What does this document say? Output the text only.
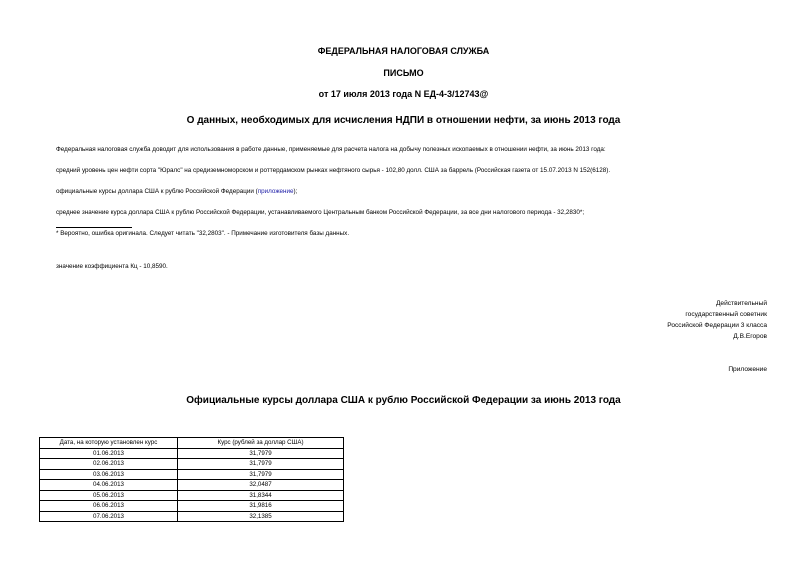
ФЕДЕРАЛЬНАЯ НАЛОГОВАЯ СЛУЖБА
ПИСЬМО
от 17 июля 2013 года N ЕД-4-3/12743@
О данных, необходимых для исчисления НДПИ в отношении нефти, за июнь 2013 года
Федеральная налоговая служба доводит для использования в работе данные, применяемые для расчета налога на добычу полезных ископаемых в отношении нефти, за июнь 2013 года:
средний уровень цен нефти сорта "Юралс" на средиземноморском и роттердамском рынках нефтяного сырья - 102,80 долл. США за баррель (Российская газета от 15.07.2013 N 152(6128).
официальные курсы доллара США к рублю Российской Федерации (приложение);
среднее значение курса доллара США к рублю Российской Федерации, устанавливаемого Центральным банком Российской Федерации, за все дни налогового периода - 32,2830*;
* Вероятно, ошибка оригинала. Следует читать "32,2803". - Примечание изготовителя базы данных.
значение коэффициента Кц - 10,8590.
Действительный
государственный советник
Российской Федерации 3 класса
Д.В.Егоров
Приложение
Официальные курсы доллара США к рублю Российской Федерации за июнь 2013 года
Дата, на которую установлен курс	Курс (рублей за доллар США)
01.06.2013	31,7979
02.06.2013	31,7979
03.06.2013	31,7979
04.06.2013	32,0487
05.06.2013	31,8344
06.06.2013	31,9816
07.06.2013	32,1385
